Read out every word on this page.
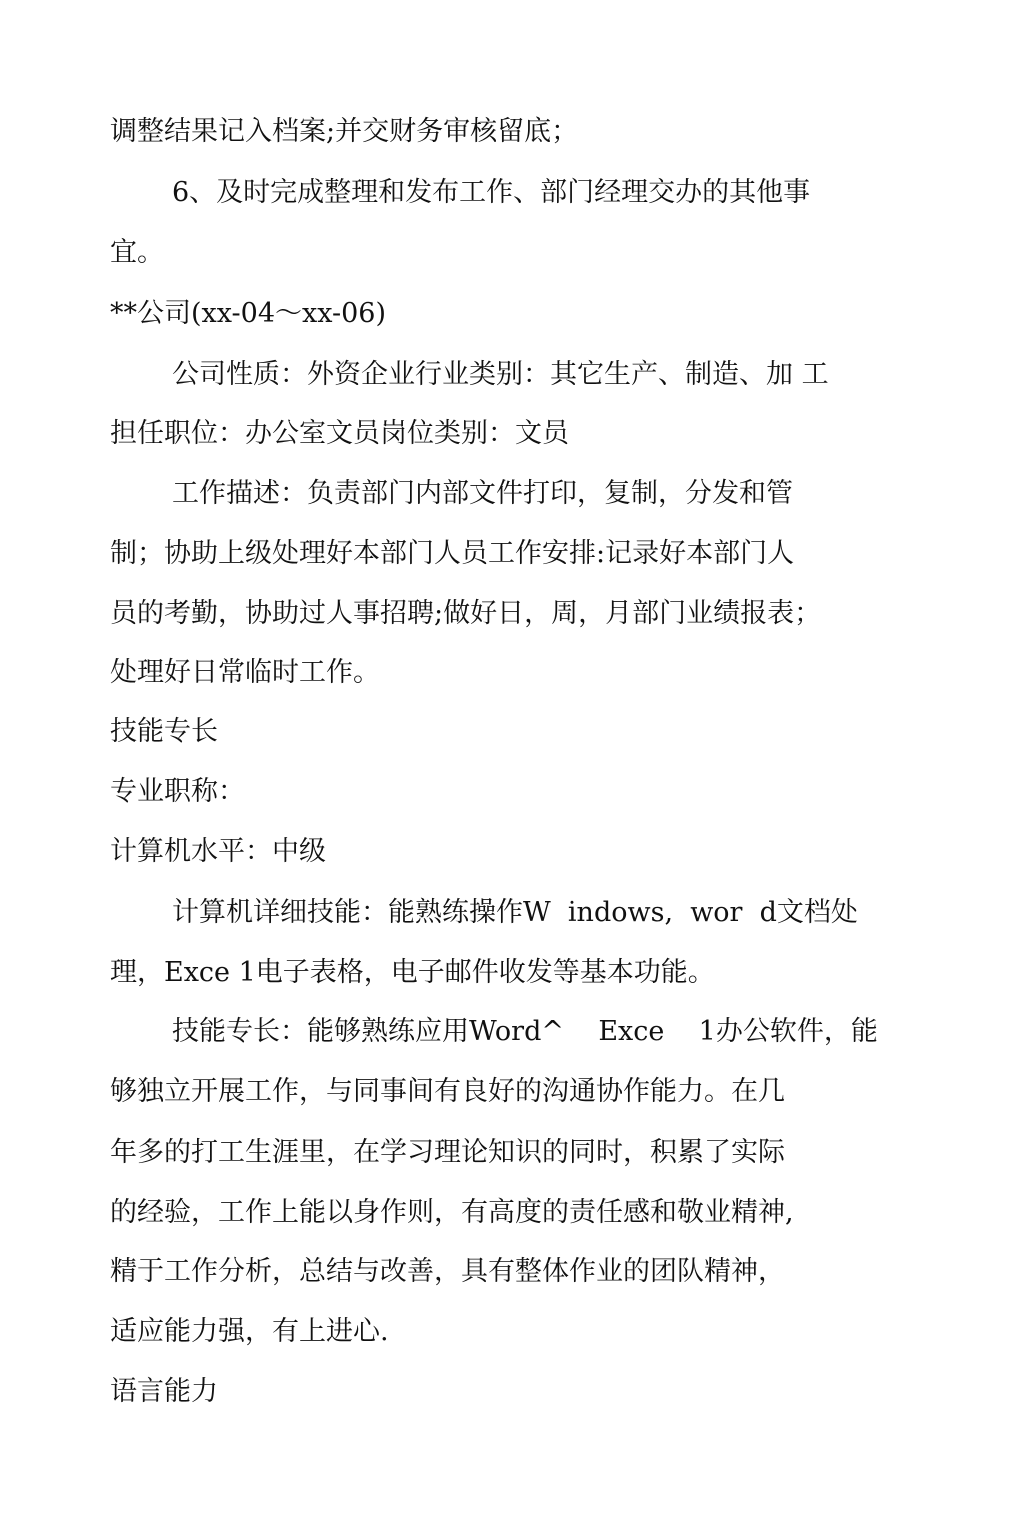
调整结果记入档案;并交财务审核留底；
6、及时完成整理和发布工作、部门经理交办的其他事
宜。
**公司(xx-04～xx-06)
公司性质：外资企业行业类别：其它生产、制造、加 工
担任职位：办公室文员岗位类别：文员
工作描述：负责部门内部文件打印，复制，分发和管
制；协助上级处理好本部门人员工作安排:记录好本部门人
员的考勤，协助过人事招聘;做好日，周，月部门业绩报表；
处理好日常临时工作。
技能专长
专业职称：
计算机水平：中级
计算机详细技能：能熟练操作W  indows,  wor  d文档处
理，Exce 1电子表格，电子邮件收发等基本功能。
技能专长：能够熟练应用Word^    Exce    1办公软件，能
够独立开展工作，与同事间有良好的沟通协作能力。在几
年多的打工生涯里，在学习理论知识的同时，积累了实际
的经验，工作上能以身作则，有高度的责任感和敬业精神,
精于工作分析，总结与改善，具有整体作业的团队精神，
适应能力强，有上进心.
语言能力
